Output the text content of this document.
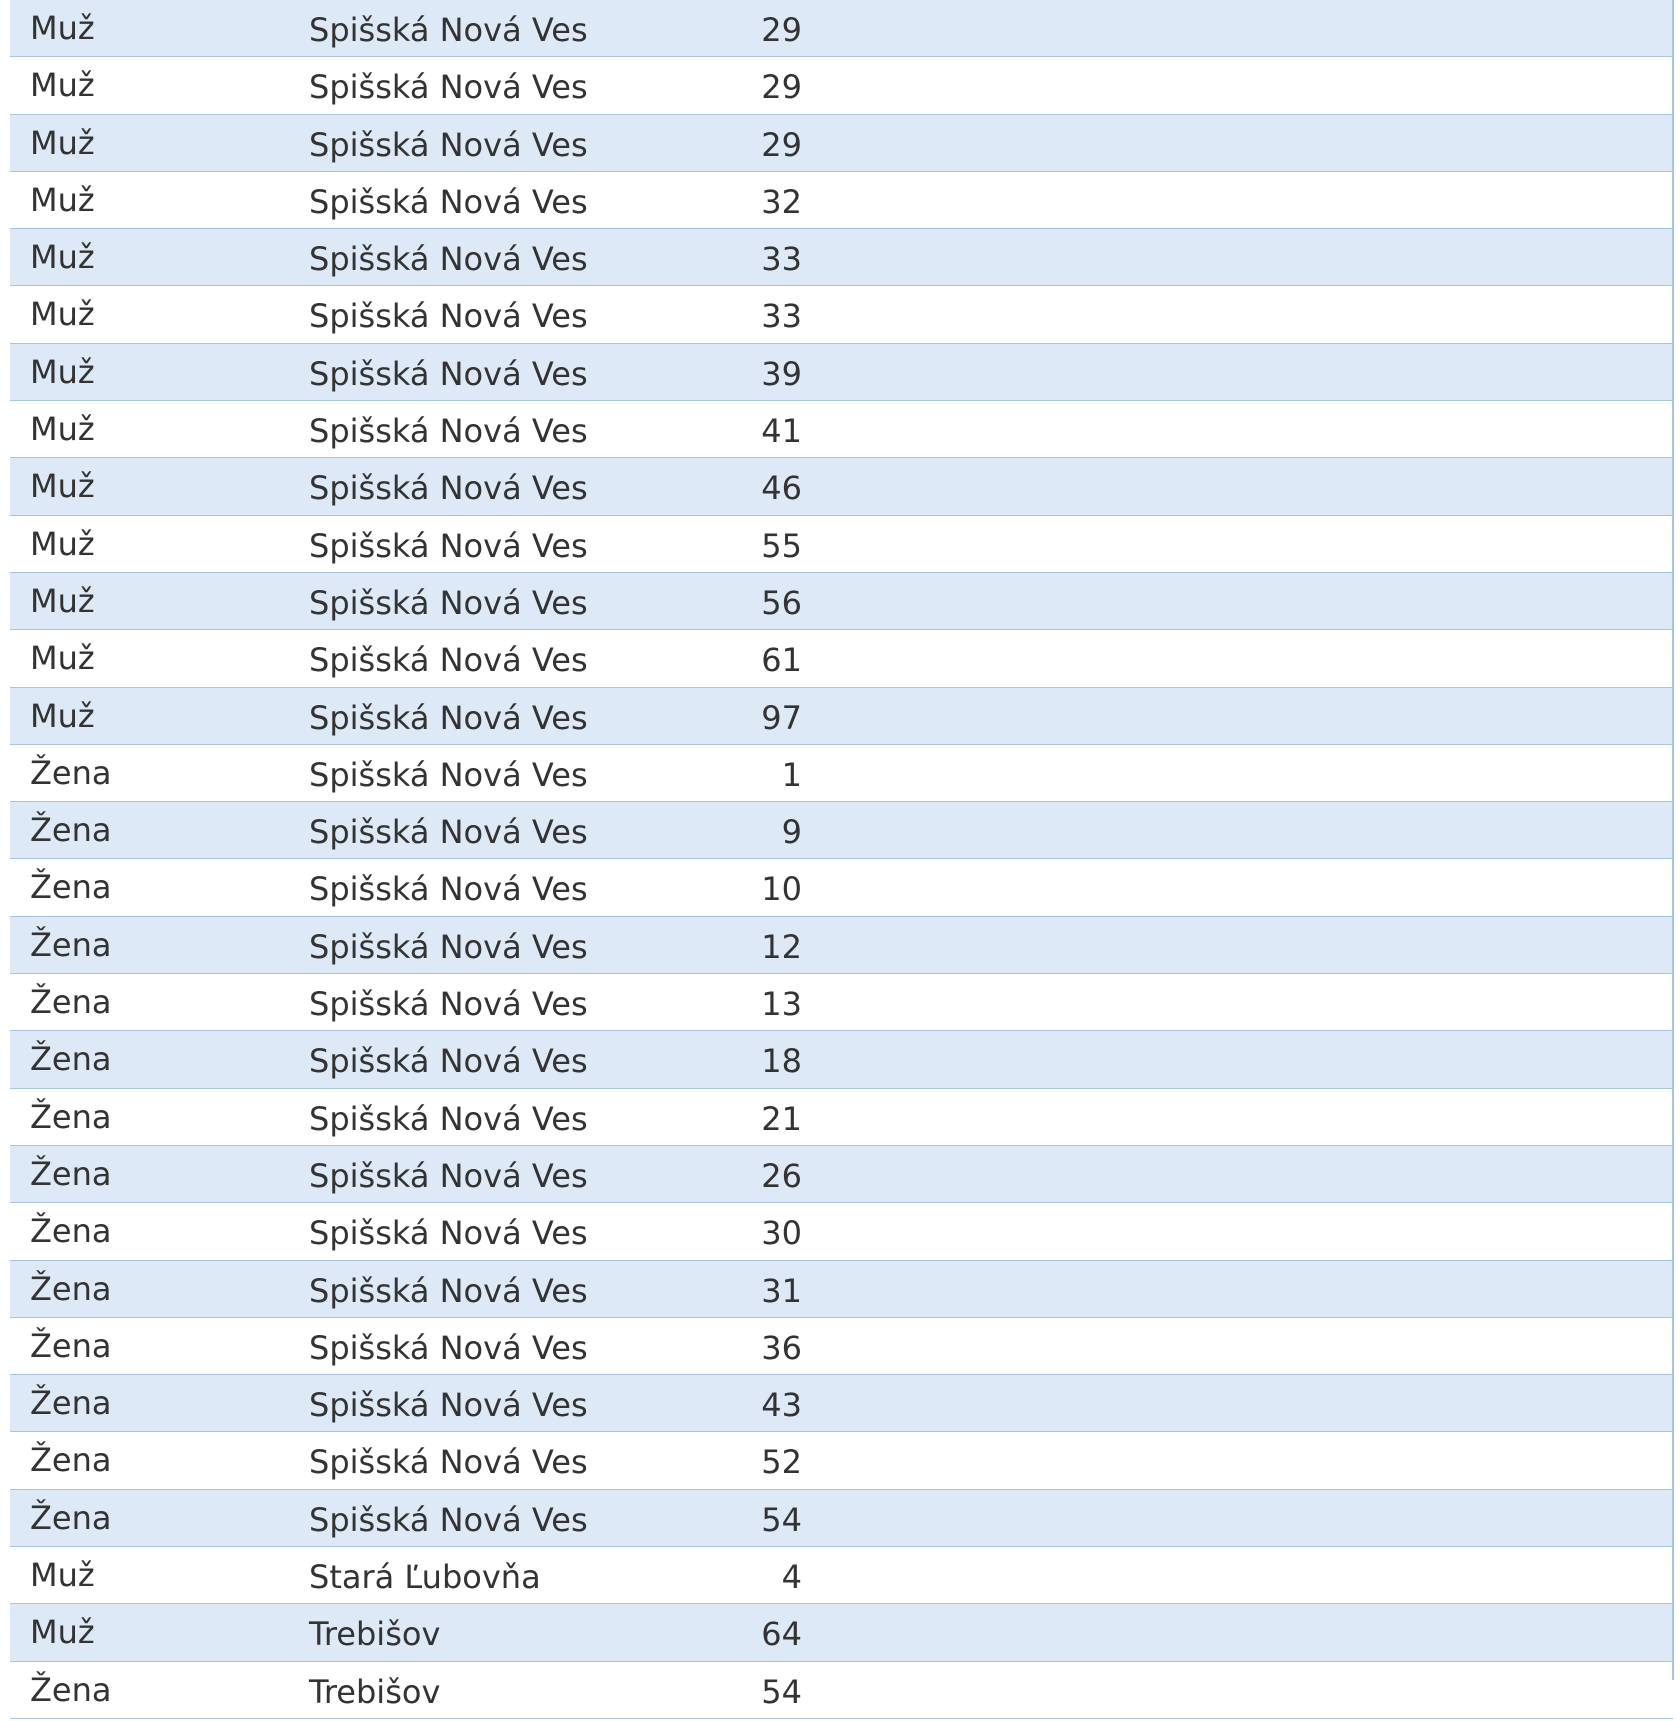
Muž	Spišská Nová Ves	29
Muž	Spišská Nová Ves	29
Muž	Spišská Nová Ves	29
Muž	Spišská Nová Ves	32
Muž	Spišská Nová Ves	33
Muž	Spišská Nová Ves	33
Muž	Spišská Nová Ves	39
Muž	Spišská Nová Ves	41
Muž	Spišská Nová Ves	46
Muž	Spišská Nová Ves	55
Muž	Spišská Nová Ves	56
Muž	Spišská Nová Ves	61
Muž	Spišská Nová Ves	97
Žena	Spišská Nová Ves	1
Žena	Spišská Nová Ves	9
Žena	Spišská Nová Ves	10
Žena	Spišská Nová Ves	12
Žena	Spišská Nová Ves	13
Žena	Spišská Nová Ves	18
Žena	Spišská Nová Ves	21
Žena	Spišská Nová Ves	26
Žena	Spišská Nová Ves	30
Žena	Spišská Nová Ves	31
Žena	Spišská Nová Ves	36
Žena	Spišská Nová Ves	43
Žena	Spišská Nová Ves	52
Žena	Spišská Nová Ves	54
Muž	Stará Ľubovňa	4
Muž	Trebišov	64
Žena	Trebišov	54
